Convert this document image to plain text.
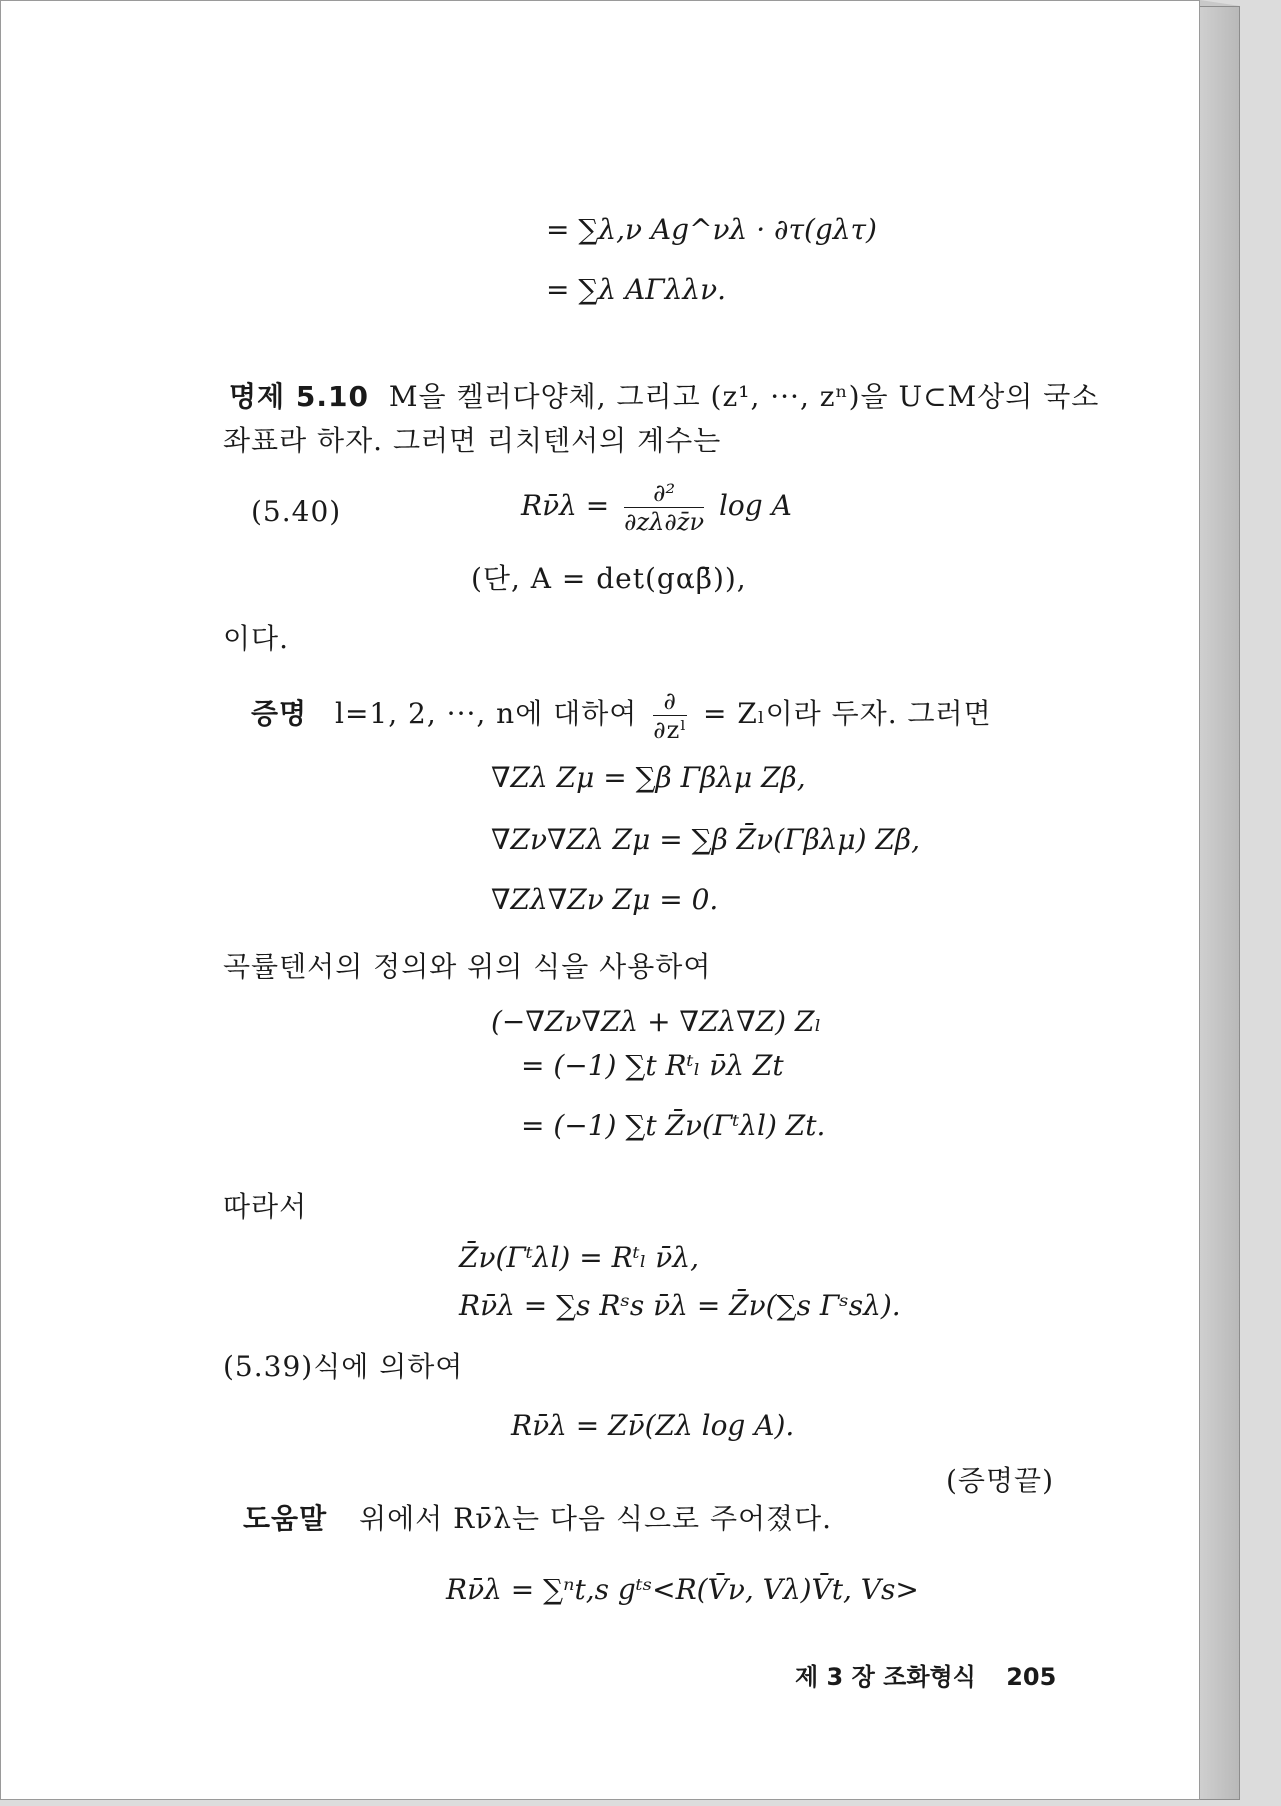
= ∑λ,ν Ag^νλ · ∂τ(gλτ)
= ∑λ AΓλλν.
명제 5.10 M을 켈러다양체, 그리고 (z¹, ···, zⁿ)을 U⊂M상의 국소
좌표라 하자. 그러면 리치텐서의 계수는
(5.40)	Rν̄λ = $\frac{\text{∂²}}{\partial z\lambda\partial z̄\nu}$ log A
(단, A = det(gαβ̄)),
이다.
증명 l=1, 2, ···, n에 대하여 $\frac{\partial}{\text{∂zˡ}} = Z_l$이라 두자. 그러면
∇Zλ Zμ = ∑β Γβλμ Zβ,
∇Zν∇Zλ Zμ = ∑β Z̄ν(Γβλμ) Zβ,
∇Zλ∇Zν Zμ = 0.
곡률텐서의 정의와 위의 식을 사용하여
(−∇Zν∇Zλ + ∇Zλ∇Z) Zₗ
= (−1) ∑t Rᵗₗ ν̄λ Zt
= (−1) ∑t Z̄ν(Γᵗλl) Zt.
따라서
Z̄ν(Γᵗλl) = Rᵗₗ ν̄λ,
Rν̄λ = ∑s Rˢs ν̄λ = Z̄ν(∑s Γˢsλ).
(5.39)식에 의하여
Rν̄λ = Zν̄(Zλ log A).
(증명끝)
도움말 위에서 Rν̄λ는 다음 식으로 주어졌다.
Rν̄λ = ∑ⁿt,s gᵗˢ<R(V̄ν, Vλ)V̄t, Vs>
제 3 장 조화형식 205
